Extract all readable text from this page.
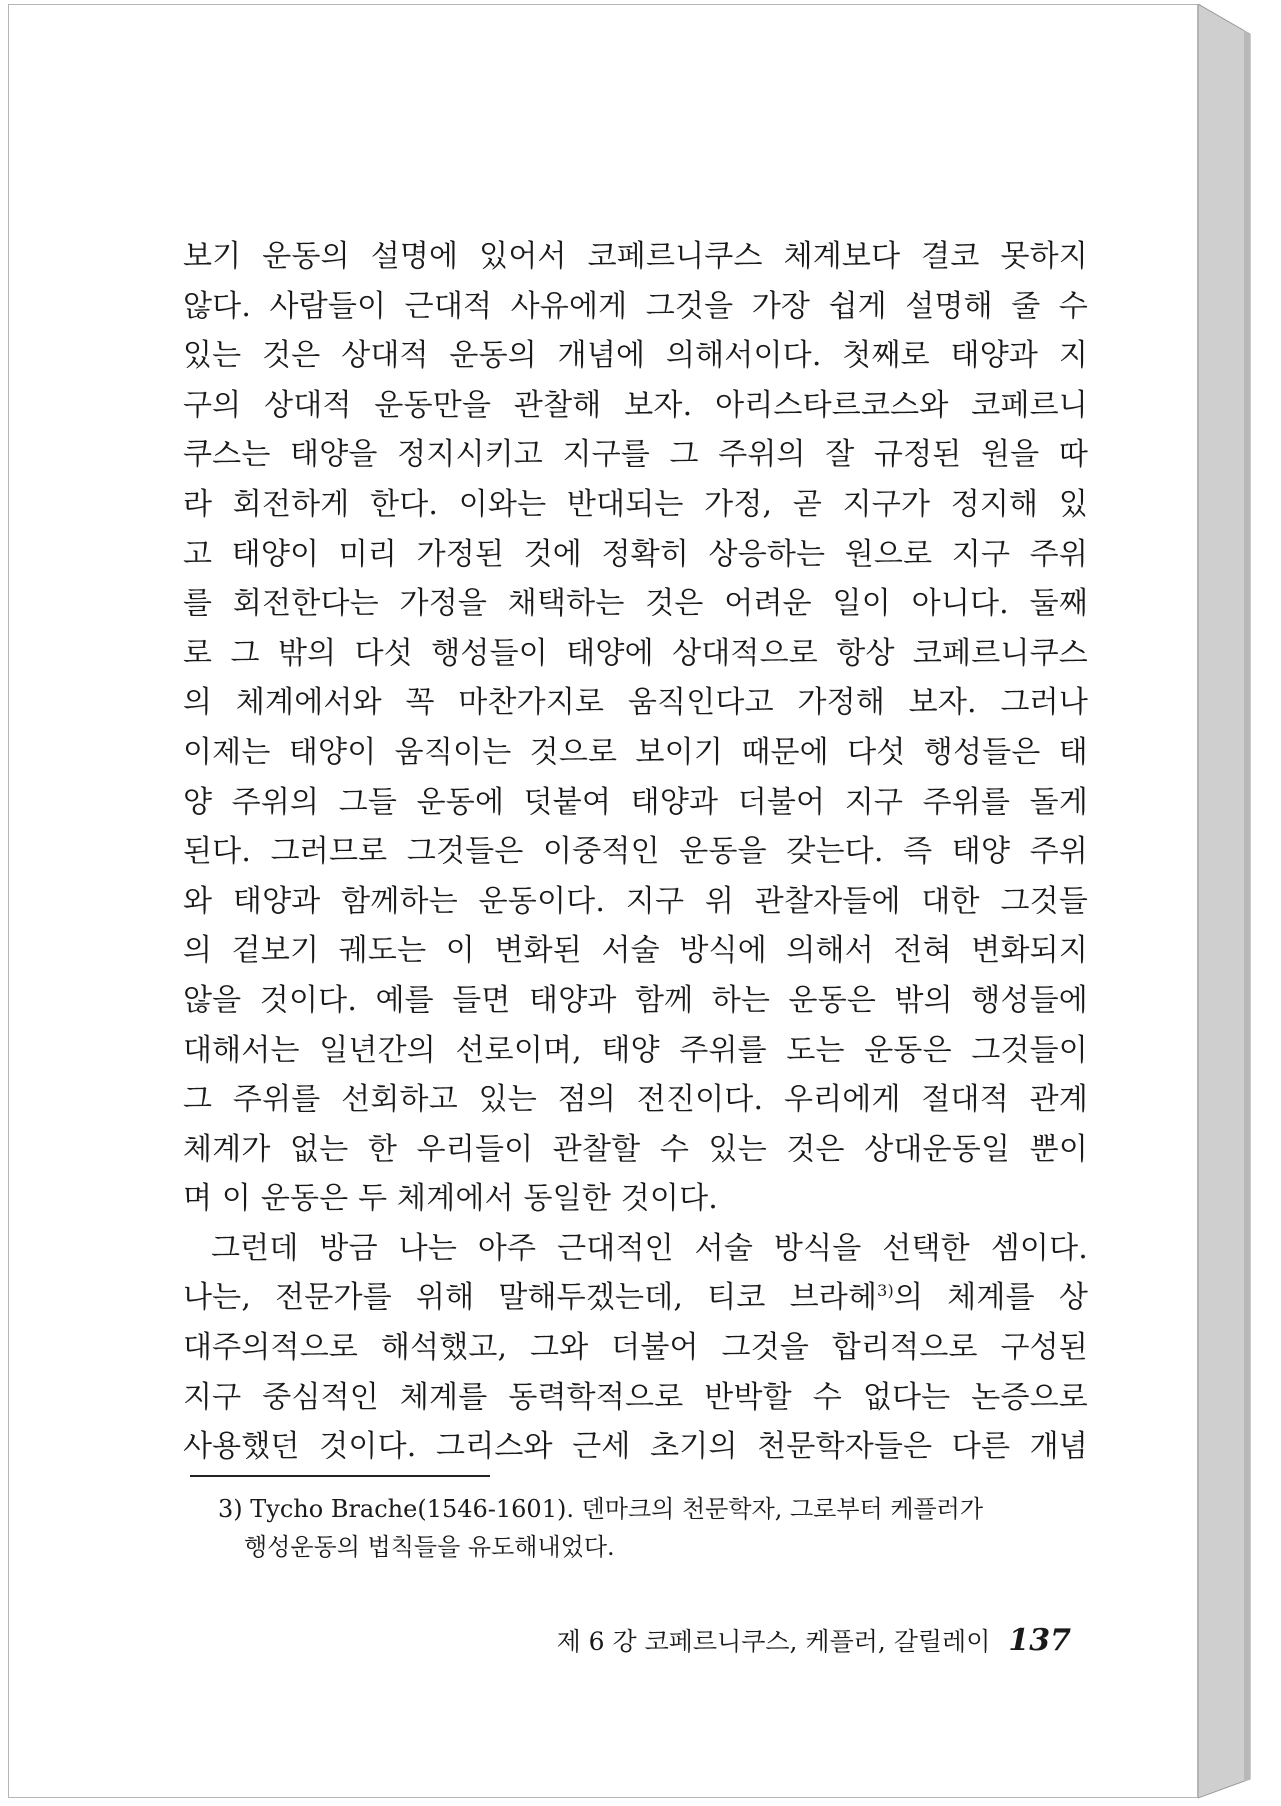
보기 운동의 설명에 있어서 코페르니쿠스 체계보다 결코 못하지
않다. 사람들이 근대적 사유에게 그것을 가장 쉽게 설명해 줄 수
있는 것은 상대적 운동의 개념에 의해서이다. 첫째로 태양과 지
구의 상대적 운동만을 관찰해 보자. 아리스타르코스와 코페르니
쿠스는 태양을 정지시키고 지구를 그 주위의 잘 규정된 원을 따
라 회전하게 한다. 이와는 반대되는 가정, 곧 지구가 정지해 있
고 태양이 미리 가정된 것에 정확히 상응하는 원으로 지구 주위
를 회전한다는 가정을 채택하는 것은 어려운 일이 아니다. 둘째
로 그 밖의 다섯 행성들이 태양에 상대적으로 항상 코페르니쿠스
의 체계에서와 꼭 마찬가지로 움직인다고 가정해 보자. 그러나
이제는 태양이 움직이는 것으로 보이기 때문에 다섯 행성들은 태
양 주위의 그들 운동에 덧붙여 태양과 더불어 지구 주위를 돌게
된다. 그러므로 그것들은 이중적인 운동을 갖는다. 즉 태양 주위
와 태양과 함께하는 운동이다. 지구 위 관찰자들에 대한 그것들
의 겉보기 궤도는 이 변화된 서술 방식에 의해서 전혀 변화되지
않을 것이다. 예를 들면 태양과 함께 하는 운동은 밖의 행성들에
대해서는 일년간의 선로이며, 태양 주위를 도는 운동은 그것들이
그 주위를 선회하고 있는 점의 전진이다. 우리에게 절대적 관계
체계가 없는 한 우리들이 관찰할 수 있는 것은 상대운동일 뿐이
며 이 운동은 두 체계에서 동일한 것이다.
그런데 방금 나는 아주 근대적인 서술 방식을 선택한 셈이다.
나는, 전문가를 위해 말해두겠는데, 티코 브라헤$^{3)}$의 체계를 상
대주의적으로 해석했고, 그와 더불어 그것을 합리적으로 구성된
지구 중심적인 체계를 동력학적으로 반박할 수 없다는 논증으로
사용했던 것이다. 그리스와 근세 초기의 천문학자들은 다른 개념
3) Tycho Brache(1546-1601). 덴마크의 천문학자, 그로부터 케플러가
행성운동의 법칙들을 유도해내었다.
제 6 강 코페르니쿠스, 케플러, 갈릴레이 137
